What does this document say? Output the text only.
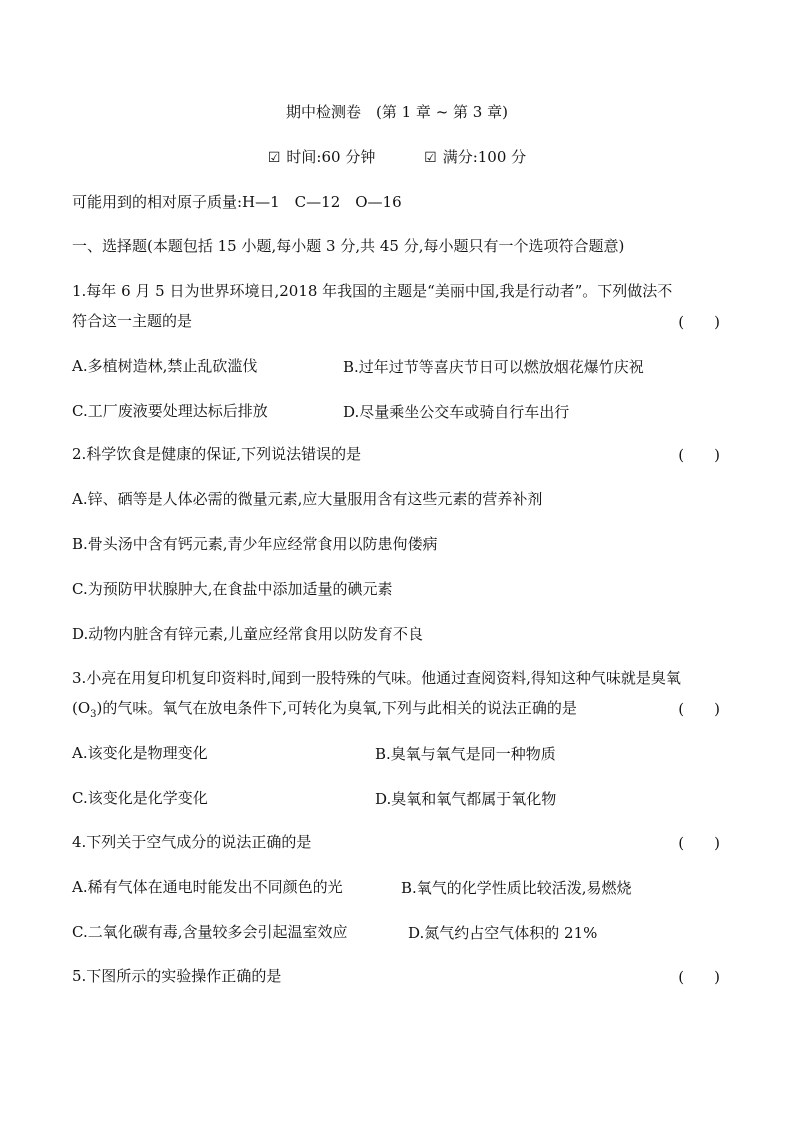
期中检测卷　(第 1 章 ~ 第 3 章)
☑ 时间:60 分钟	☑ 满分:100 分
可能用到的相对原子质量:H—1　C—12　O—16
一、选择题(本题包括 15 小题,每小题 3 分,共 45 分,每小题只有一个选项符合题意)
1.每年 6 月 5 日为世界环境日,2018 年我国的主题是“美丽中国,我是行动者”。下列做法不
符合这一主题的是	(　　)
A.多植树造林,禁止乱砍滥伐	B.过年过节等喜庆节日可以燃放烟花爆竹庆祝
C.工厂废液要处理达标后排放	D.尽量乘坐公交车或骑自行车出行
2.科学饮食是健康的保证,下列说法错误的是	(　　)
A.锌、硒等是人体必需的微量元素,应大量服用含有这些元素的营养补剂
B.骨头汤中含有钙元素,青少年应经常食用以防患佝偻病
C.为预防甲状腺肿大,在食盐中添加适量的碘元素
D.动物内脏含有锌元素,儿童应经常食用以防发育不良
3.小亮在用复印机复印资料时,闻到一股特殊的气味。他通过查阅资料,得知这种气味就是臭氧
$(O_3)$的气味。氧气在放电条件下,可转化为臭氧,下列与此相关的说法正确的是	(　　)
A.该变化是物理变化	B.臭氧与氧气是同一种物质
C.该变化是化学变化	D.臭氧和氧气都属于氧化物
4.下列关于空气成分的说法正确的是	(　　)
A.稀有气体在通电时能发出不同颜色的光	B.氧气的化学性质比较活泼,易燃烧
C.二氧化碳有毒,含量较多会引起温室效应	D.氮气约占空气体积的 21%
5.下图所示的实验操作正确的是	(　　)
